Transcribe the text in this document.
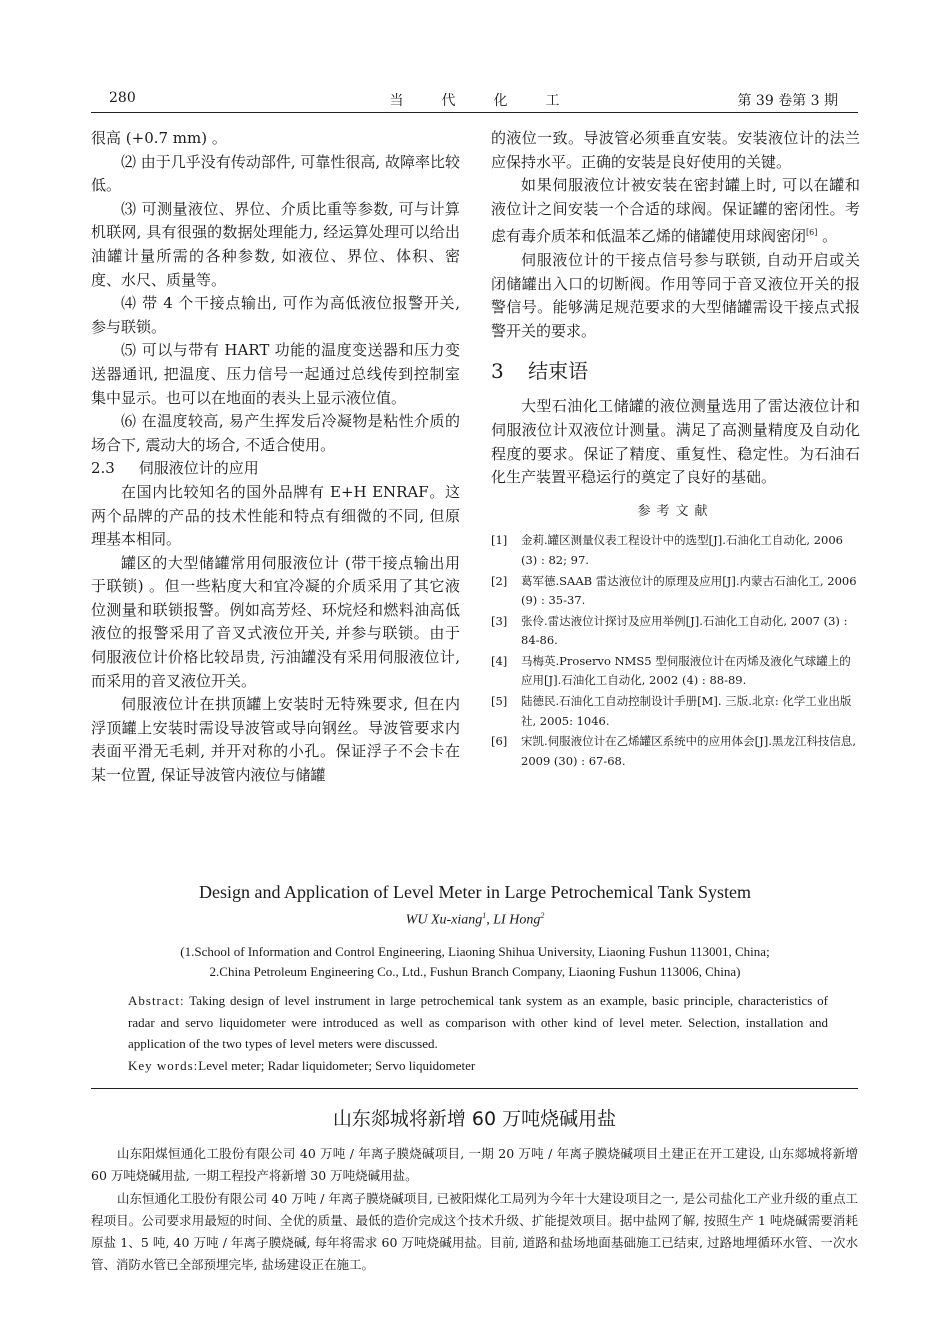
280	当代化工	第 39 卷第 3 期

很高 (+0.7 mm) 。

⑵ 由于几乎没有传动部件, 可靠性很高, 故障率比较低。

⑶ 可测量液位、界位、介质比重等参数, 可与计算机联网, 具有很强的数据处理能力, 经运算处理可以给出油罐计量所需的各种参数, 如液位、界位、体积、密度、水尺、质量等。

⑷ 带 4 个干接点输出, 可作为高低液位报警开关, 参与联锁。

⑸ 可以与带有 HART 功能的温度变送器和压力变送器通讯, 把温度、压力信号一起通过总线传到控制室集中显示。也可以在地面的表头上显示液位值。

⑹ 在温度较高, 易产生挥发后冷凝物是粘性介质的场合下, 震动大的场合, 不适合使用。

2.3 伺服液位计的应用

在国内比较知名的国外品牌有 E+H ENRAF。这两个品牌的产品的技术性能和特点有细微的不同, 但原理基本相同。

罐区的大型储罐常用伺服液位计 (带干接点输出用于联锁) 。但一些粘度大和宜冷凝的介质采用了其它液位测量和联锁报警。例如高芳烃、环烷烃和燃料油高低液位的报警采用了音叉式液位开关, 并参与联锁。由于伺服液位计价格比较昂贵, 污油罐没有采用伺服液位计, 而采用的音叉液位开关。

伺服液位计在拱顶罐上安装时无特殊要求, 但在内浮顶罐上安装时需设导波管或导向钢丝。导波管要求内表面平滑无毛刺, 并开对称的小孔。保证浮子不会卡在某一位置, 保证导波管内液位与储罐

的液位一致。导波管必须垂直安装。安装液位计的法兰应保持水平。正确的安装是良好使用的关键。

如果伺服液位计被安装在密封罐上时, 可以在罐和液位计之间安装一个合适的球阀。保证罐的密闭性。考虑有毒介质苯和低温苯乙烯的储罐使用球阀密闭[6] 。

伺服液位计的干接点信号参与联锁, 自动开启或关闭储罐出入口的切断阀。作用等同于音叉液位开关的报警信号。能够满足规范要求的大型储罐需设干接点式报警开关的要求。

3 结束语

大型石油化工储罐的液位测量选用了雷达液位计和伺服液位计双液位计测量。满足了高测量精度及自动化程度的要求。保证了精度、重复性、稳定性。为石油石化生产装置平稳运行的奠定了良好的基础。

参考文献
[1] 金莉.罐区测量仪表工程设计中的选型[J].石油化工自动化, 2006 (3) : 82; 97.
[2] 葛军德.SAAB 雷达液位计的原理及应用[J].内蒙古石油化工, 2006 (9) : 35-37.
[3] 张伶.雷达液位计探讨及应用举例[J].石油化工自动化, 2007 (3) : 84-86.
[4] 马梅英.Proservo NMS5 型伺服液位计在丙烯及液化气球罐上的应用[J].石油化工自动化, 2002 (4) : 88-89.
[5] 陆德民.石油化工自动控制设计手册[M]. 三版.北京: 化学工业出版社, 2005: 1046.
[6] 宋凯.伺服液位计在乙烯罐区系统中的应用体会[J].黑龙江科技信息, 2009 (30) : 67-68.
Design and Application of Level Meter in Large Petrochemical Tank System
WU Xu-xiang$^1$, LI Hong$^2$
(1.School of Information and Control Engineering, Liaoning Shihua University, Liaoning Fushun 113001, China;
2.China Petroleum Engineering Co., Ltd., Fushun Branch Company, Liaoning Fushun 113006, China)
Abstract: Taking design of level instrument in large petrochemical tank system as an example, basic principle, characteristics of radar and servo liquidometer were introduced as well as comparison with other kind of level meter. Selection, installation and application of the two types of level meters were discussed.
Key words:Level meter; Radar liquidometer; Servo liquidometer
山东郯城将新增 60 万吨烧碱用盐

山东阳煤恒通化工股份有限公司 40 万吨 / 年离子膜烧碱项目, 一期 20 万吨 / 年离子膜烧碱项目土建正在开工建设, 山东郯城将新增 60 万吨烧碱用盐, 一期工程投产将新增 30 万吨烧碱用盐。

山东恒通化工股份有限公司 40 万吨 / 年离子膜烧碱项目, 已被阳煤化工局列为今年十大建设项目之一, 是公司盐化工产业升级的重点工程项目。公司要求用最短的时间、全优的质量、最低的造价完成这个技术升级、扩能提效项目。据中盐网了解, 按照生产 1 吨烧碱需要消耗原盐 1、5 吨, 40 万吨 / 年离子膜烧碱, 每年将需求 60 万吨烧碱用盐。目前, 道路和盐场地面基础施工已结束, 过路地埋循环水管、一次水管、消防水管已全部预埋完毕, 盐场建设正在施工。
